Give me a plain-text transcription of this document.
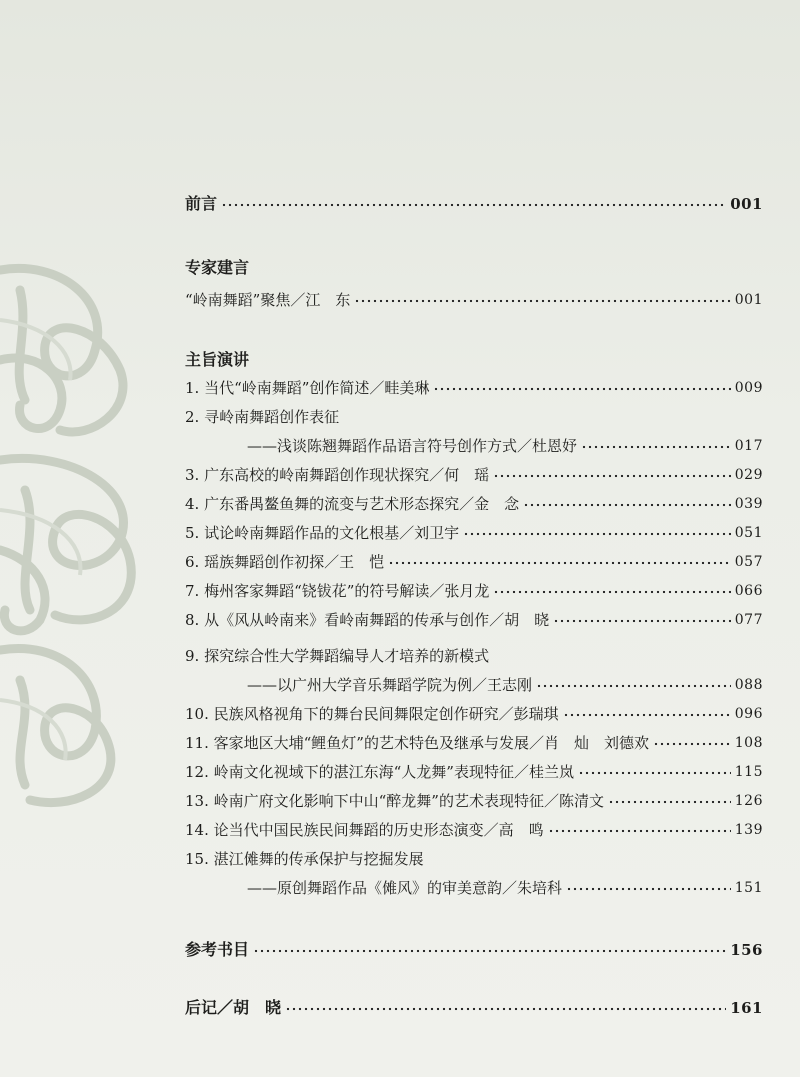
前言	001
专家建言
“岭南舞蹈”聚焦／江　东	001
主旨演讲
1. 当代“岭南舞蹈”创作简述／畦美琳	009
2. 寻岭南舞蹈创作表征
——浅谈陈翘舞蹈作品语言符号创作方式／杜恩妤	017
3. 广东高校的岭南舞蹈创作现状探究／何　瑶	029
4. 广东番禺鳌鱼舞的流变与艺术形态探究／金　念	039
5. 试论岭南舞蹈作品的文化根基／刘卫宇	051
6. 瑶族舞蹈创作初探／王　恺	057
7. 梅州客家舞蹈“铙钹花”的符号解读／张月龙	066
8. 从《风从岭南来》看岭南舞蹈的传承与创作／胡　晓	077
9. 探究综合性大学舞蹈编导人才培养的新模式
——以广州大学音乐舞蹈学院为例／王志刚	088
10. 民族风格视角下的舞台民间舞限定创作研究／彭瑞琪	096
11. 客家地区大埔“鲤鱼灯”的艺术特色及继承与发展／肖　灿　刘德欢	108
12. 岭南文化视域下的湛江东海“人龙舞”表现特征／桂兰岚	115
13. 岭南广府文化影响下中山“醉龙舞”的艺术表现特征／陈清文	126
14. 论当代中国民族民间舞蹈的历史形态演变／高　鸣	139
15. 湛江傩舞的传承保护与挖掘发展
——原创舞蹈作品《傩风》的审美意韵／朱培科	151
参考书目	156
后记／胡　晓	161
